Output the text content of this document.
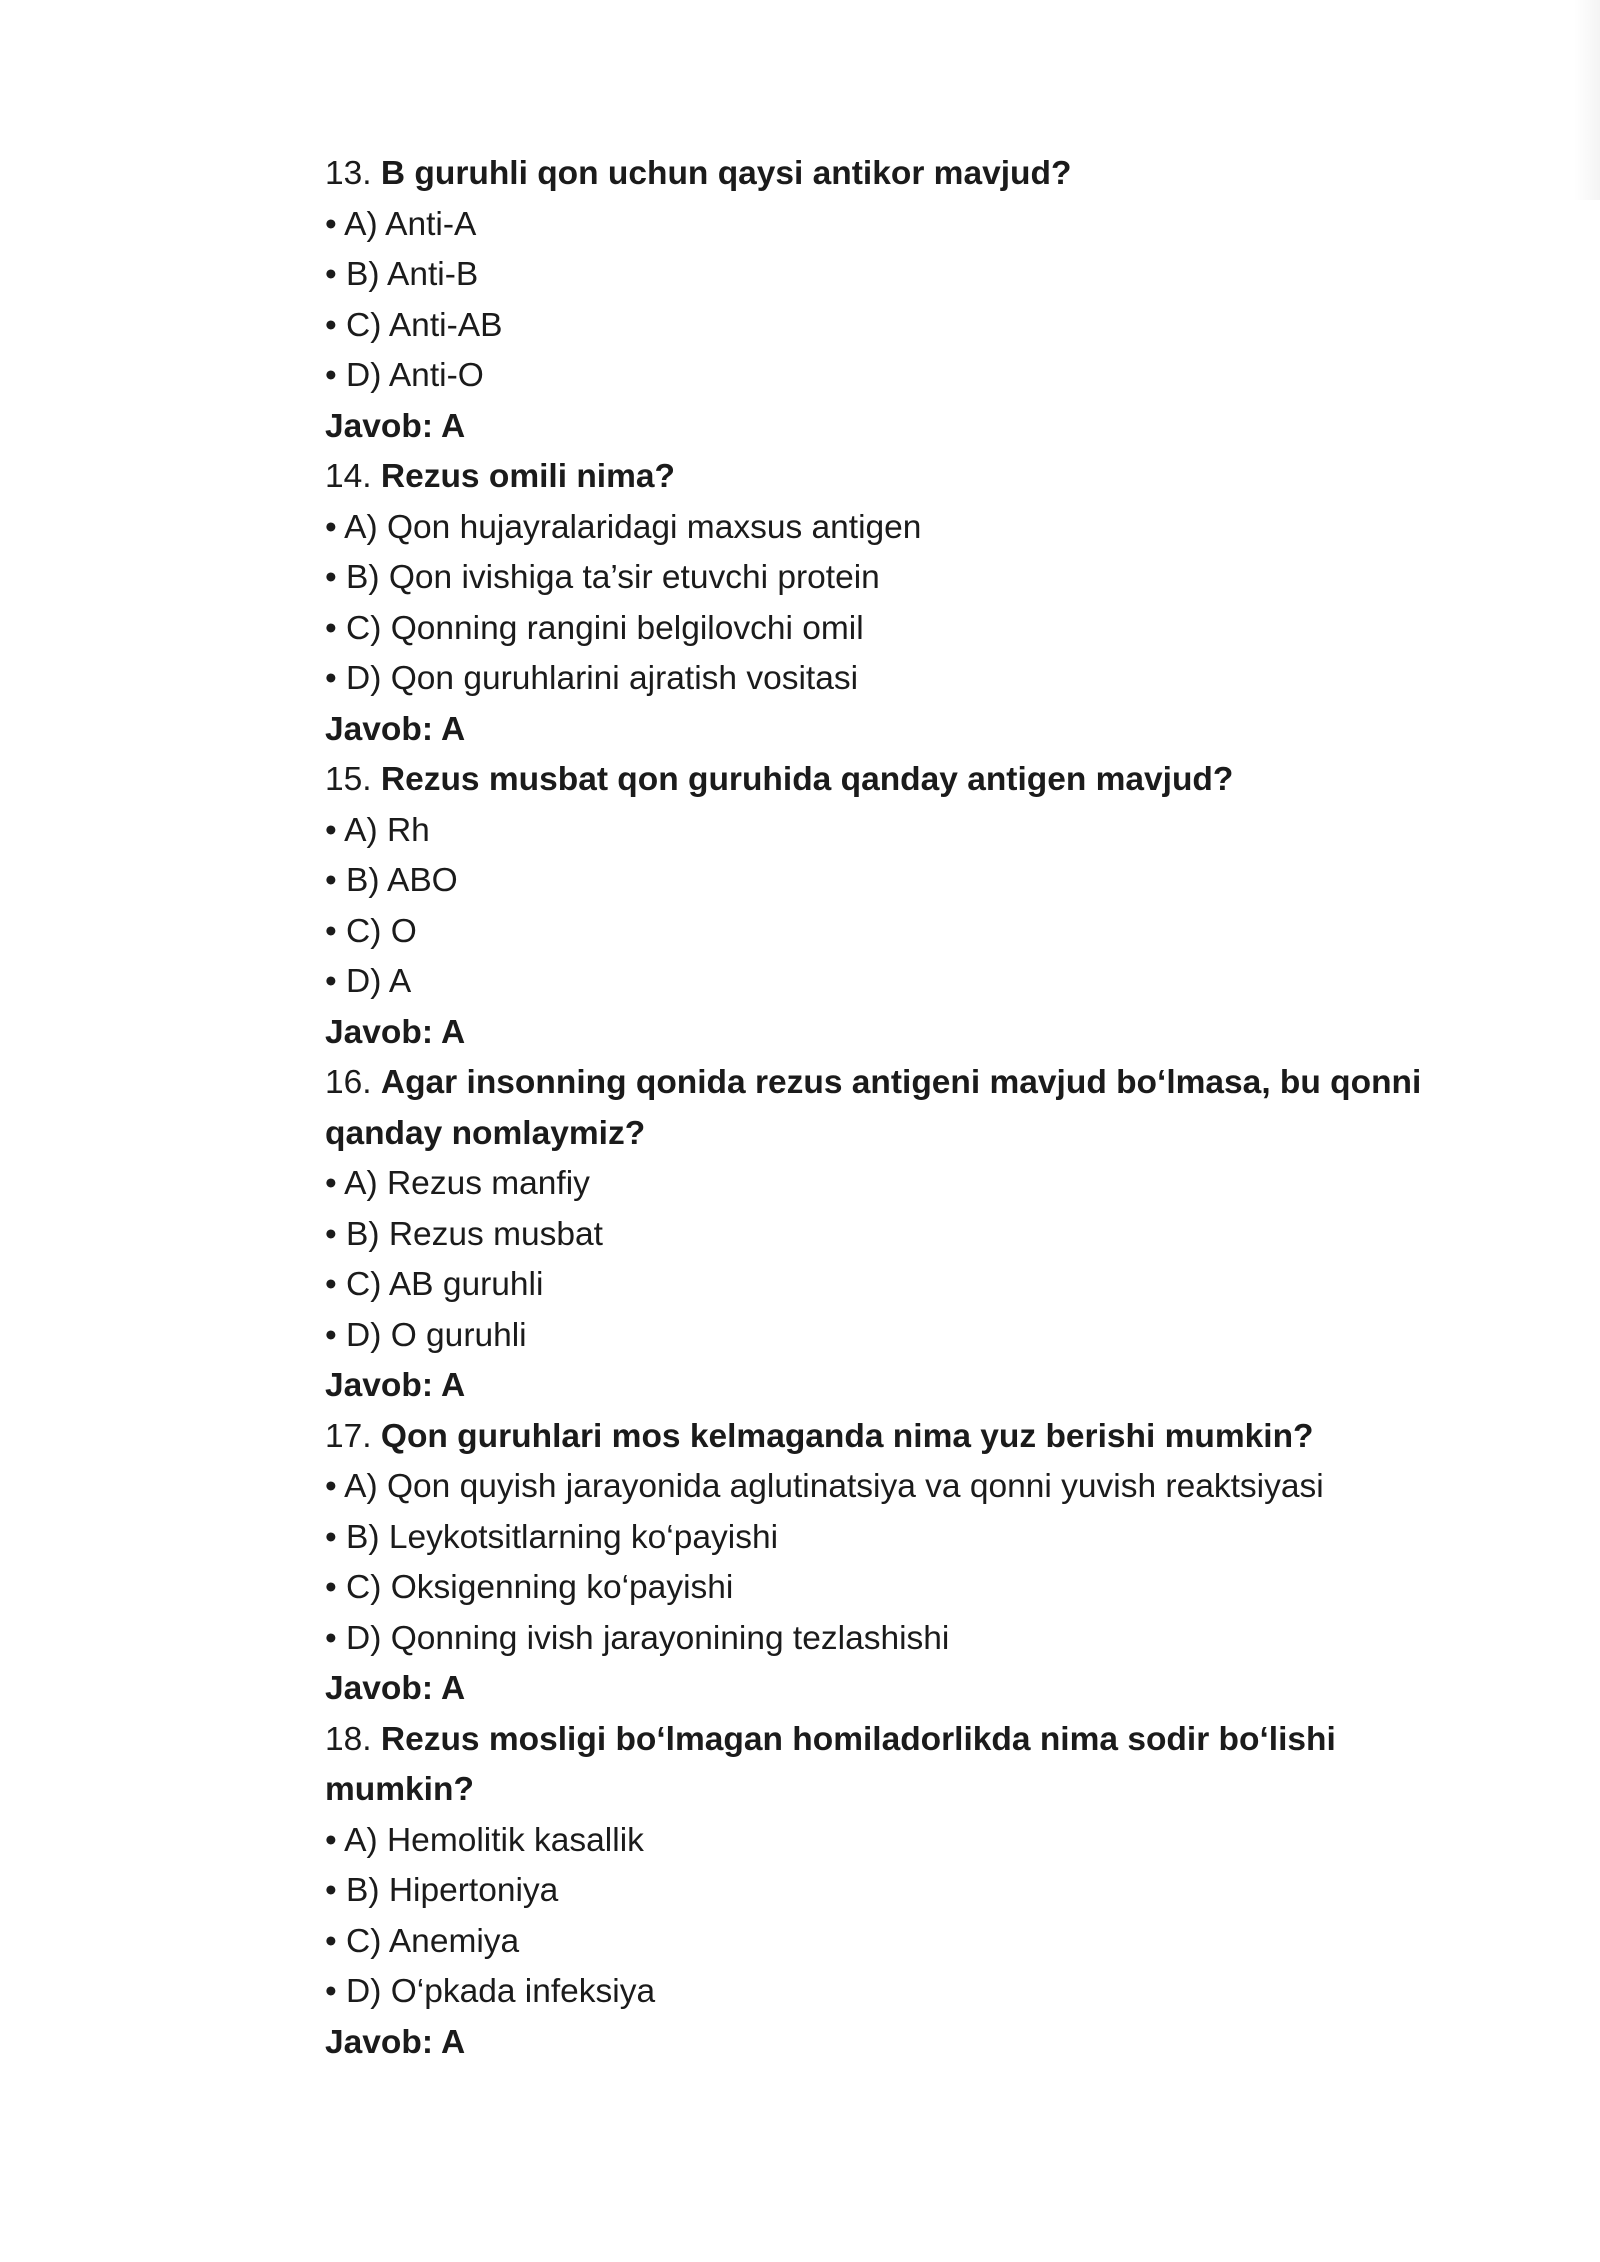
13. B guruhli qon uchun qaysi antikor mavjud?
• A) Anti-A
• B) Anti-B
• C) Anti-AB
• D) Anti-O
Javob: A
14. Rezus omili nima?
• A) Qon hujayralaridagi maxsus antigen
• B) Qon ivishiga ta’sir etuvchi protein
• C) Qonning rangini belgilovchi omil
• D) Qon guruhlarini ajratish vositasi
Javob: A
15. Rezus musbat qon guruhida qanday antigen mavjud?
• A) Rh
• B) ABO
• C) O
• D) A
Javob: A
16. Agar insonning qonida rezus antigeni mavjud bo‘lmasa, bu qonni qanday nomlaymiz?
• A) Rezus manfiy
• B) Rezus musbat
• C) AB guruhli
• D) O guruhli
Javob: A
17. Qon guruhlari mos kelmaganda nima yuz berishi mumkin?
• A) Qon quyish jarayonida aglutinatsiya va qonni yuvish reaktsiyasi
• B) Leykotsitlarning ko‘payishi
• C) Oksigenning ko‘payishi
• D) Qonning ivish jarayonining tezlashishi
Javob: A
18. Rezus mosligi bo‘lmagan homiladorlikda nima sodir bo‘lishi mumkin?
• A) Hemolitik kasallik
• B) Hipertoniya
• C) Anemiya
• D) O‘pkada infeksiya
Javob: A
